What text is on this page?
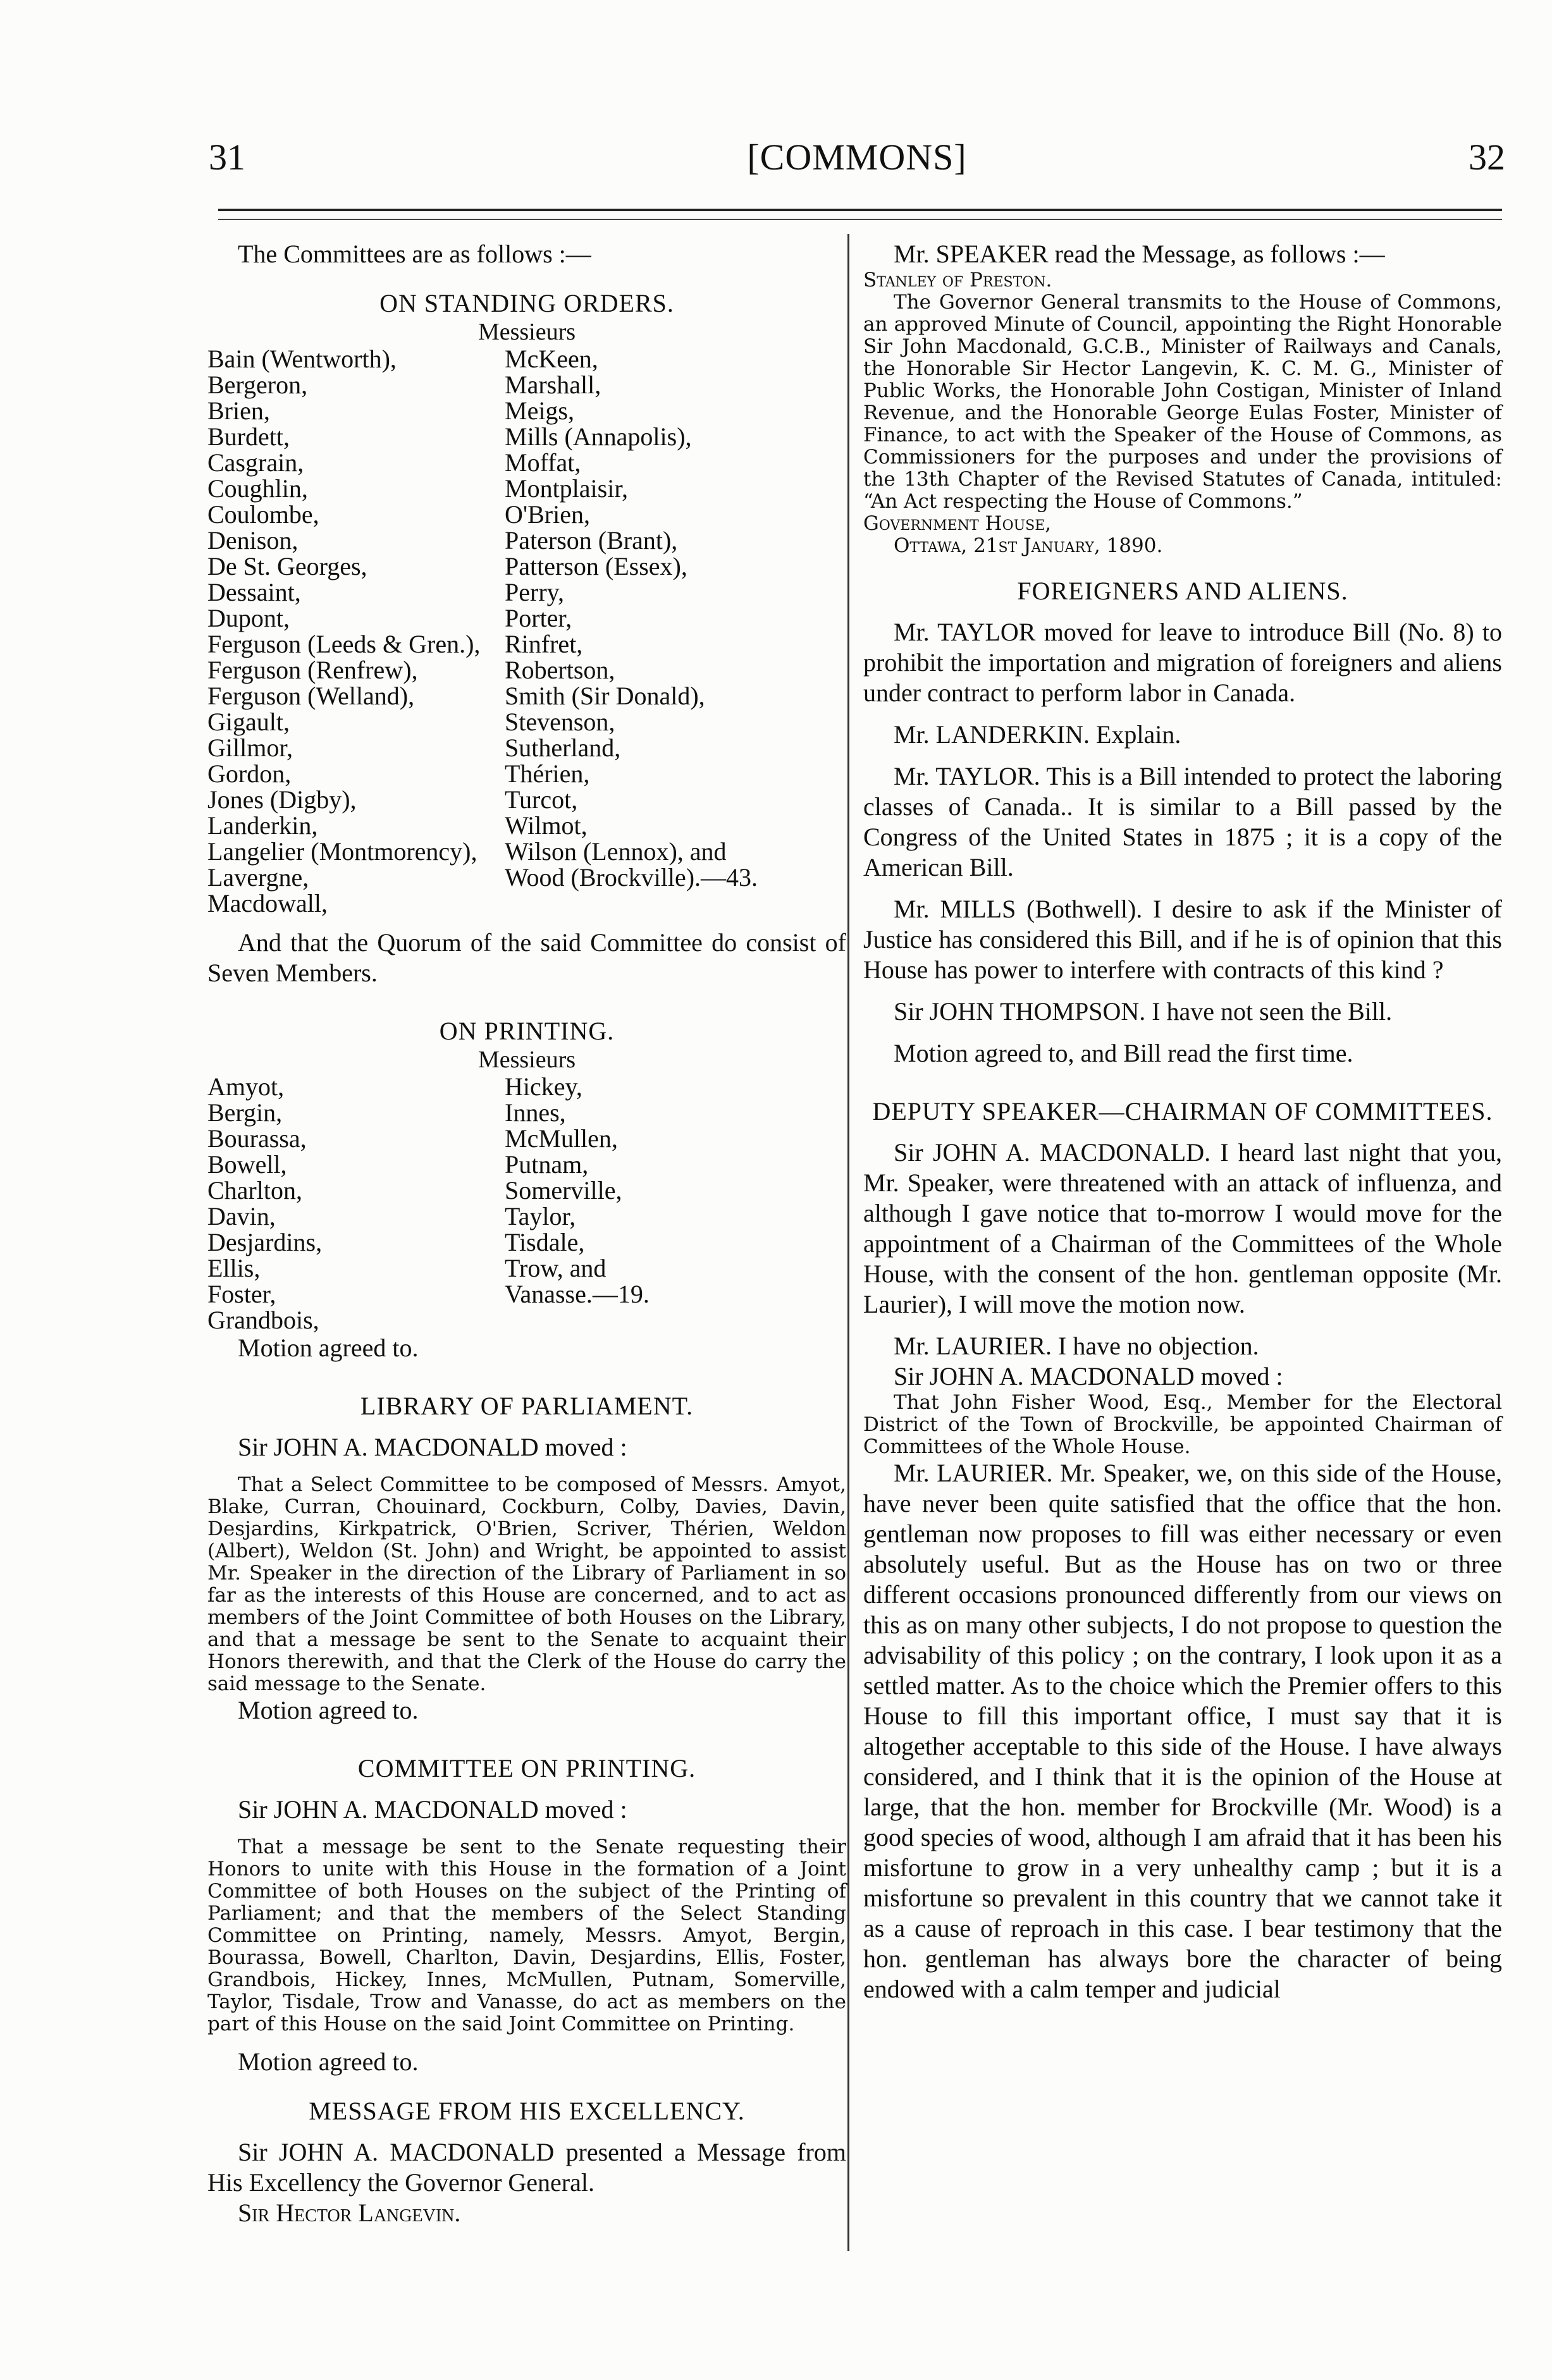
31	[COMMONS]	32

The Committees are as follows :—

ON STANDING ORDERS.

Messieurs

Bain (Wentworth),	McKeen,
Bergeron,	Marshall,
Brien,	Meigs,
Burdett,	Mills (Annapolis),
Casgrain,	Moffat,
Coughlin,	Montplaisir,
Coulombe,	O'Brien,
Denison,	Paterson (Brant),
De St. Georges,	Patterson (Essex),
Dessaint,	Perry,
Dupont,	Porter,
Ferguson (Leeds & Gren.), Rinfret,
Ferguson (Renfrew),	Robertson,
Ferguson (Welland),	Smith (Sir Donald),
Gigault,	Stevenson,
Gillmor,	Sutherland,
Gordon,	Thérien,
Jones (Digby),	Turcot,
Landerkin,	Wilmot,
Langelier (Montmorency),	Wilson (Lennox), and
Lavergne,	Wood (Brockville).—43.
Macdowall,

And that the Quorum of the said Committee do consist of Seven Members.

ON PRINTING.

Messieurs

Amyot,	Hickey,
Bergin,	Innes,
Bourassa,	McMullen,
Bowell,	Putnam,
Charlton,	Somerville,
Davin,	Taylor,
Desjardins,	Tisdale,
Ellis,	Trow, and
Foster,	Vanasse.—19.
Grandbois,

Motion agreed to.

LIBRARY OF PARLIAMENT.

Sir JOHN A. MACDONALD moved :

That a Select Committee to be composed of Messrs. Amyot, Blake, Curran, Chouinard, Cockburn, Colby, Davies, Davin, Desjardins, Kirkpatrick, O'Brien, Scriver, Thérien, Weldon (Albert), Weldon (St. John) and Wright, be appointed to assist Mr. Speaker in the direction of the Library of Parliament in so far as the interests of this House are concerned, and to act as members of the Joint Committee of both Houses on the Library, and that a message be sent to the Senate to acquaint their Honors therewith, and that the Clerk of the House do carry the said message to the Senate.

Motion agreed to.

COMMITTEE ON PRINTING.

Sir JOHN A. MACDONALD moved :

That a message be sent to the Senate requesting their Honors to unite with this House in the formation of a Joint Committee of both Houses on the subject of the Printing of Parliament; and that the members of the Select Standing Committee on Printing, namely, Messrs. Amyot, Bergin, Bourassa, Bowell, Charlton, Davin, Desjardins, Ellis, Foster, Grandbois, Hickey, Innes, McMullen, Putnam, Somerville, Taylor, Tisdale, Trow and Vanasse, do act as members on the part of this House on the said Joint Committee on Printing.

Motion agreed to.

MESSAGE FROM HIS EXCELLENCY.

Sir JOHN A. MACDONALD presented a Message from His Excellency the Governor General.

Sir Hector Langevin.

Mr. SPEAKER read the Message, as follows :—

Stanley of Preston.

The Governor General transmits to the House of Commons, an approved Minute of Council, appointing the Right Honorable Sir John Macdonald, G.C.B., Minister of Railways and Canals, the Honorable Sir Hector Langevin, K. C. M. G., Minister of Public Works, the Honorable John Costigan, Minister of Inland Revenue, and the Honorable George Eulas Foster, Minister of Finance, to act with the Speaker of the House of Commons, as Commissioners for the purposes and under the provisions of the 13th Chapter of the Revised Statutes of Canada, intituled: “An Act respecting the House of Commons.”

Government House,

Ottawa, 21st January, 1890.

FOREIGNERS AND ALIENS.

Mr. TAYLOR moved for leave to introduce Bill (No. 8) to prohibit the importation and migration of foreigners and aliens under contract to perform labor in Canada.

Mr. LANDERKIN. Explain.

Mr. TAYLOR. This is a Bill intended to protect the laboring classes of Canada.. It is similar to a Bill passed by the Congress of the United States in 1875 ; it is a copy of the American Bill.

Mr. MILLS (Bothwell). I desire to ask if the Minister of Justice has considered this Bill, and if he is of opinion that this House has power to interfere with contracts of this kind ?

Sir JOHN THOMPSON. I have not seen the Bill.

Motion agreed to, and Bill read the first time.

DEPUTY SPEAKER—CHAIRMAN OF COMMITTEES.

Sir JOHN A. MACDONALD. I heard last night that you, Mr. Speaker, were threatened with an attack of influenza, and although I gave notice that to-morrow I would move for the appointment of a Chairman of the Committees of the Whole House, with the consent of the hon. gentleman opposite (Mr. Laurier), I will move the motion now.

Mr. LAURIER. I have no objection.

Sir JOHN A. MACDONALD moved :

That John Fisher Wood, Esq., Member for the Electoral District of the Town of Brockville, be appointed Chairman of Committees of the Whole House.

Mr. LAURIER. Mr. Speaker, we, on this side of the House, have never been quite satisfied that the office that the hon. gentleman now proposes to fill was either necessary or even absolutely useful. But as the House has on two or three different occasions pronounced differently from our views on this as on many other subjects, I do not propose to question the advisability of this policy ; on the contrary, I look upon it as a settled matter. As to the choice which the Premier offers to this House to fill this important office, I must say that it is altogether acceptable to this side of the House. I have always considered, and I think that it is the opinion of the House at large, that the hon. member for Brockville (Mr. Wood) is a good species of wood, although I am afraid that it has been his misfortune to grow in a very unhealthy camp ; but it is a misfortune so prevalent in this country that we cannot take it as a cause of reproach in this case. I bear testimony that the hon. gentleman has always bore the character of being endowed with a calm temper and judicial
